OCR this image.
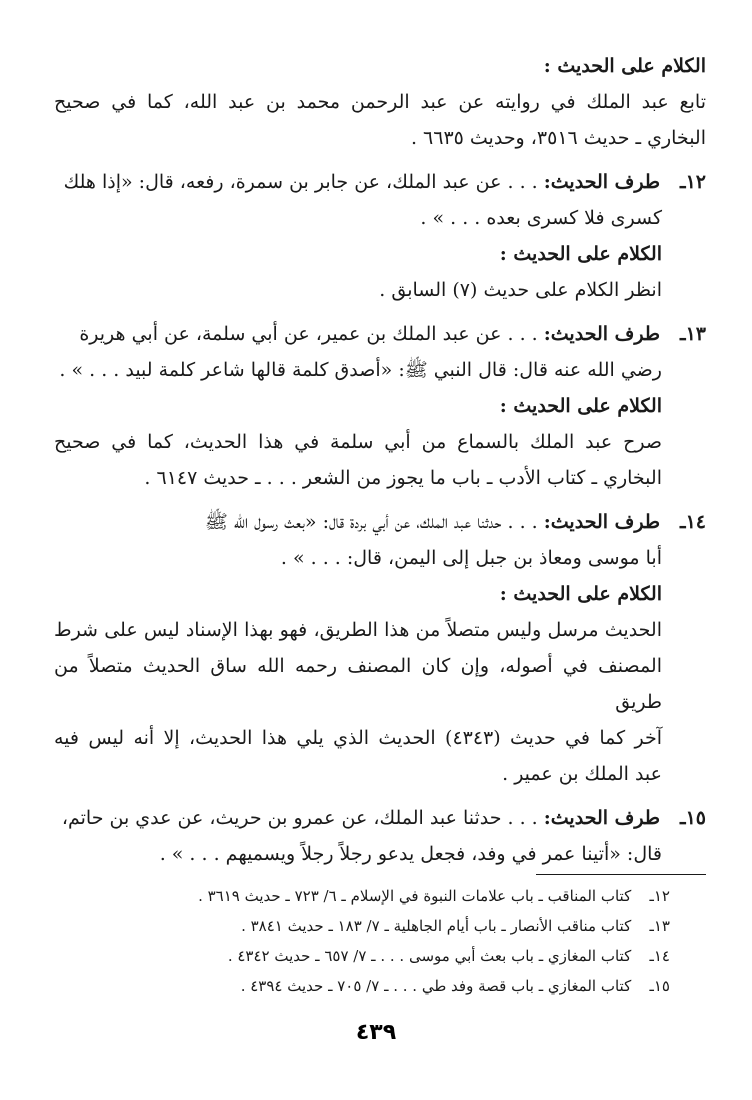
الكلام على الحديث :
تابع عبد الملك في روايته عن عبد الرحمن محمد بن عبد الله، كما في صحيح
البخاري ـ حديث ٣٥١٦، وحديث ٦٦٣٥ .
١٢ـ طرف الحديث: . . . عن عبد الملك، عن جابر بن سمرة، رفعه، قال: «إذا هلك
كسرى فلا كسرى بعده . . . » .
الكلام على الحديث :
انظر الكلام على حديث (٧) السابق .
١٣ـ طرف الحديث: . . . عن عبد الملك بن عمير، عن أبي سلمة، عن أبي هريرة
رضي الله عنه قال: قال النبي ﷺ: «أصدق كلمة قالها شاعر كلمة لبيد . . . » .
الكلام على الحديث :
صرح عبد الملك بالسماع من أبي سلمة في هذا الحديث، كما في صحيح
البخاري ـ كتاب الأدب ـ باب ما يجوز من الشعر . . . ـ حديث ٦١٤٧ .
١٤ـ طرف الحديث: . . . حدثنا عبد الملك، عن أبي بردة قال: «بعث رسول الله ﷺ
أبا موسى ومعاذ بن جبل إلى اليمن، قال: . . . » .
الكلام على الحديث :
الحديث مرسل وليس متصلاً من هذا الطريق، فهو بهذا الإسناد ليس على شرط
المصنف في أصوله، وإن كان المصنف رحمه الله ساق الحديث متصلاً من طريق
آخر كما في حديث (٤٣٤٣) الحديث الذي يلي هذا الحديث، إلا أنه ليس فيه
عبد الملك بن عمير .
١٥ـ طرف الحديث: . . . حدثنا عبد الملك، عن عمرو بن حريث، عن عدي بن حاتم،
قال: «أتينا عمر في وفد، فجعل يدعو رجلاً رجلاً ويسميهم . . . » .
١٢ـ كتاب المناقب ـ باب علامات النبوة في الإسلام ـ ٦/ ٧٢٣ ـ حديث ٣٦١٩ .
١٣ـ كتاب مناقب الأنصار ـ باب أيام الجاهلية ـ ٧/ ١٨٣ ـ حديث ٣٨٤١ .
١٤ـ كتاب المغازي ـ باب بعث أبي موسى . . . ـ ٧/ ٦٥٧ ـ حديث ٤٣٤٢ .
١٥ـ كتاب المغازي ـ باب قصة وفد طي . . . ـ ٧/ ٧٠٥ ـ حديث ٤٣٩٤ .
٤٣٩
